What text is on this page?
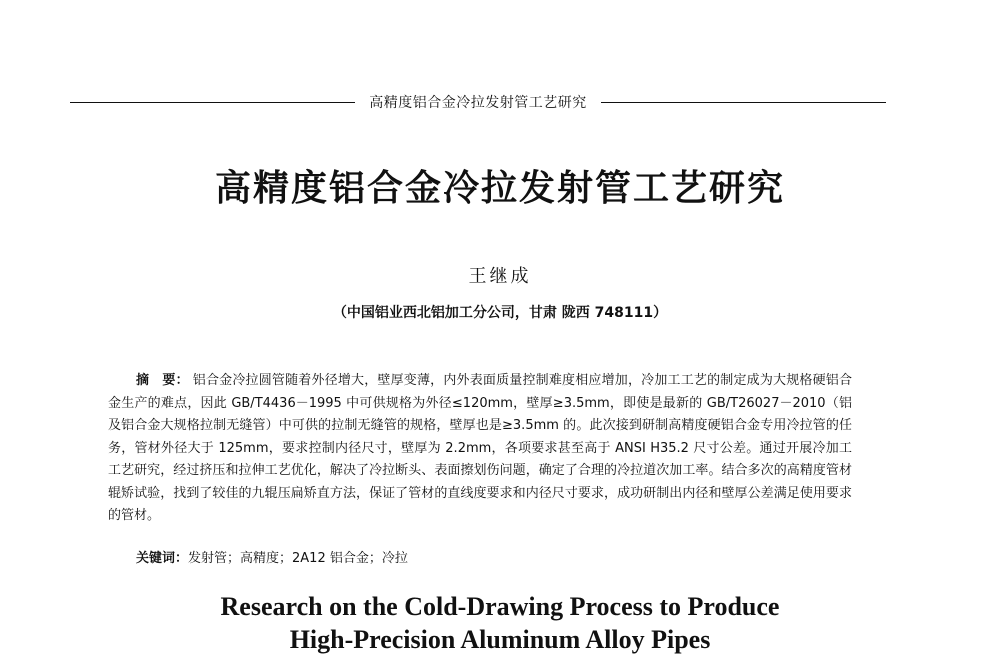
高精度铝合金冷拉发射管工艺研究
高精度铝合金冷拉发射管工艺研究
王继成
（中国铝业西北铝加工分公司，甘肃 陇西 748111）
摘　要： 铝合金冷拉圆管随着外径增大，壁厚变薄，内外表面质量控制难度相应增加，冷加工工艺的制定成为大规格硬铝合金生产的难点，因此 GB/T4436－1995 中可供规格为外径≤120mm，壁厚≥3.5mm，即使是最新的 GB/T26027－2010（铝及铝合金大规格拉制无缝管）中可供的拉制无缝管的规格，壁厚也是≥3.5mm 的。此次接到研制高精度硬铝合金专用冷拉管的任务，管材外径大于 125mm，要求控制内径尺寸，壁厚为 2.2mm，各项要求甚至高于 ANSI H35.2 尺寸公差。通过开展冷加工工艺研究，经过挤压和拉伸工艺优化，解决了冷拉断头、表面擦划伤问题，确定了合理的冷拉道次加工率。结合多次的高精度管材辊矫试验，找到了较佳的九辊压扁矫直方法，保证了管材的直线度要求和内径尺寸要求，成功研制出内径和壁厚公差满足使用要求的管材。
关键词：发射管；高精度；2A12 铝合金；冷拉
Research on the Cold-Drawing Process to Produce
High-Precision Aluminum Alloy Pipes
